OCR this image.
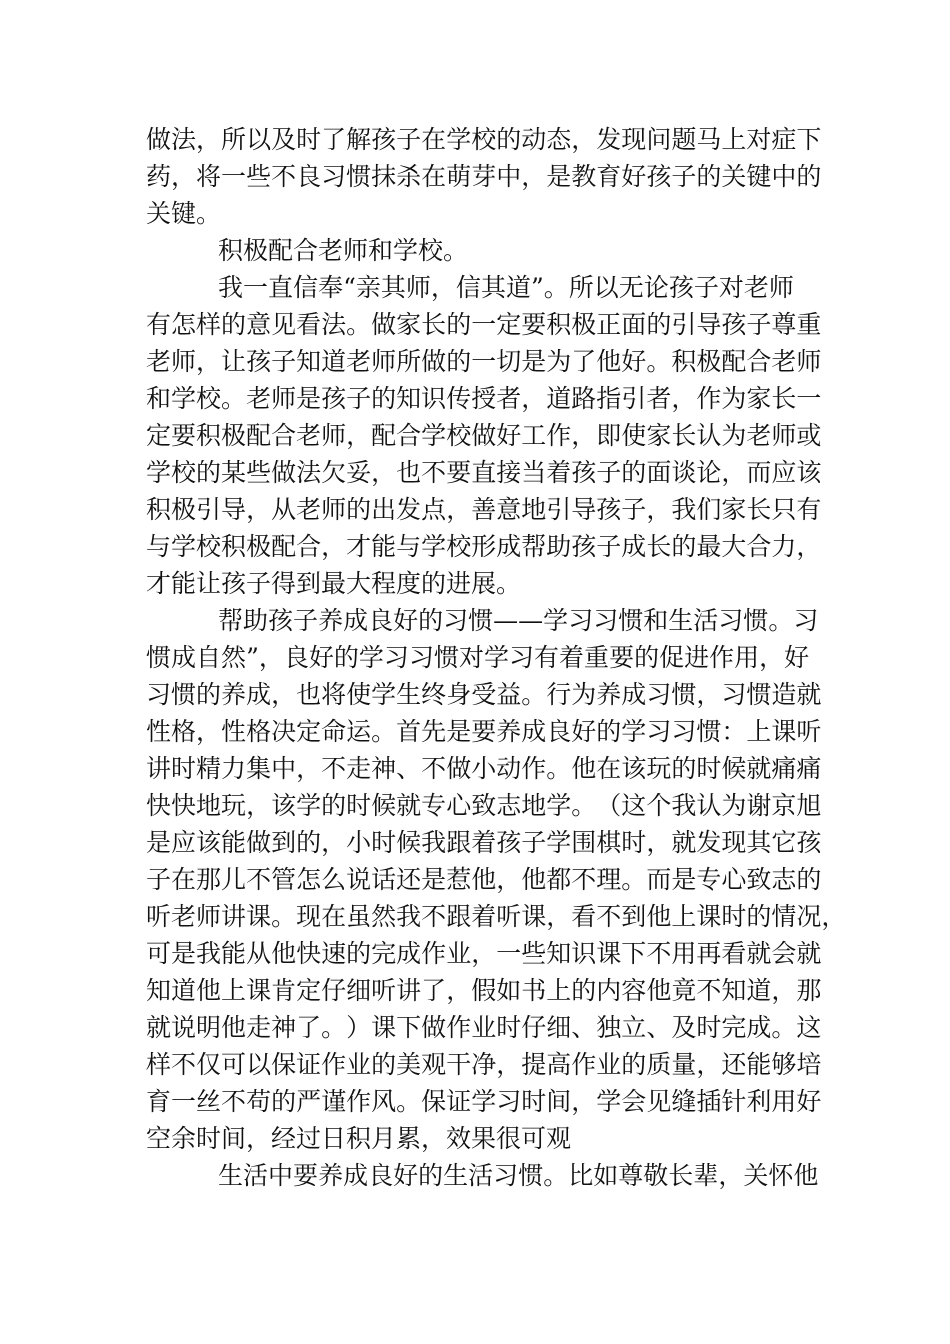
做 法 ， 所 以 及 时 了 解 孩 子 在 学 校 的 动 态 ， 发 现 问 题 马 上 对 症 下
药 ， 将 一 些 不 良 习 惯 抹 杀 在 萌 芽 中 ， 是 教 育 好 孩 子 的 关 键 中 的
关键。
积极配合老师和学校。
我 一 直 信 奉 “ 亲 其 师 ， 信 其 道 ” 。 所 以 无 论 孩 子 对 老 师
有 怎 样 的 意 见 看 法 。 做 家 长 的 一 定 要 积 极 正 面 的 引 导 孩 子 尊 重
老 师 ， 让 孩 子 知 道 老 师 所 做 的 一 切 是 为 了 他 好 。 积 极 配 合 老 师
和 学 校 。 老 师 是 孩 子 的 知 识 传 授 者 ， 道 路 指 引 者 ， 作 为 家 长 一
定 要 积 极 配 合 老 师 ， 配 合 学 校 做 好 工 作 ， 即 使 家 长 认 为 老 师 或
学 校 的 某 些 做 法 欠 妥 ， 也 不 要 直 接 当 着 孩 子 的 面 谈 论 ， 而 应 该
积 极 引 导 ， 从 老 师 的 出 发 点 ， 善 意 地 引 导 孩 子 ， 我 们 家 长 只 有
与 学 校 积 极 配 合 ， 才 能 与 学 校 形 成 帮 助 孩 子 成 长 的 最 大 合 力 ，
才能让孩子得到最大程度的进展。
帮 助 孩 子 养 成 良 好 的 习 惯 — — 学 习 习 惯 和 生 活 习 惯 。 习
惯 成 自 然 ” ， 良 好 的 学 习 习 惯 对 学 习 有 着 重 要 的 促 进 作 用 ， 好
习 惯 的 养 成 ， 也 将 使 学 生 终 身 受 益 。 行 为 养 成 习 惯 ， 习 惯 造 就
性 格 ， 性 格 决 定 命 运 。 首 先 是 要 养 成 良 好 的 学 习 习 惯 ： 上 课 听
讲 时 精 力 集 中 ， 不 走 神 、 不 做 小 动 作 。 他 在 该 玩 的 时 候 就 痛 痛
快 快 地 玩 ， 该 学 的 时 候 就 专 心 致 志 地 学 。 （ 这 个 我 认 为 谢 京 旭
是 应 该 能 做 到 的 ， 小 时 候 我 跟 着 孩 子 学 围 棋 时 ， 就 发 现 其 它 孩
子 在 那 儿 不 管 怎 么 说 话 还 是 惹 他 ， 他 都 不 理 。 而 是 专 心 致 志 的
听 老 师 讲 课 。 现 在 虽 然 我 不 跟 着 听 课 ， 看 不 到 他 上 课 时 的 情 况 ，
可 是 我 能 从 他 快 速 的 完 成 作 业 ， 一 些 知 识 课 下 不 用 再 看 就 会 就
知 道 他 上 课 肯 定 仔 细 听 讲 了 ， 假 如 书 上 的 内 容 他 竟 不 知 道 ， 那
就 说 明 他 走 神 了 。 ） 课 下 做 作 业 时 仔 细 、 独 立 、 及 时 完 成 。 这
样 不 仅 可 以 保 证 作 业 的 美 观 干 净 ， 提 高 作 业 的 质 量 ， 还 能 够 培
育 一 丝 不 苟 的 严 谨 作 风 。 保 证 学 习 时 间 ， 学 会 见 缝 插 针 利 用 好
空余时间，经过日积月累，效果很可观
生 活 中 要 养 成 良 好 的 生 活 习 惯 。 比 如 尊 敬 长 辈 ， 关 怀 他
